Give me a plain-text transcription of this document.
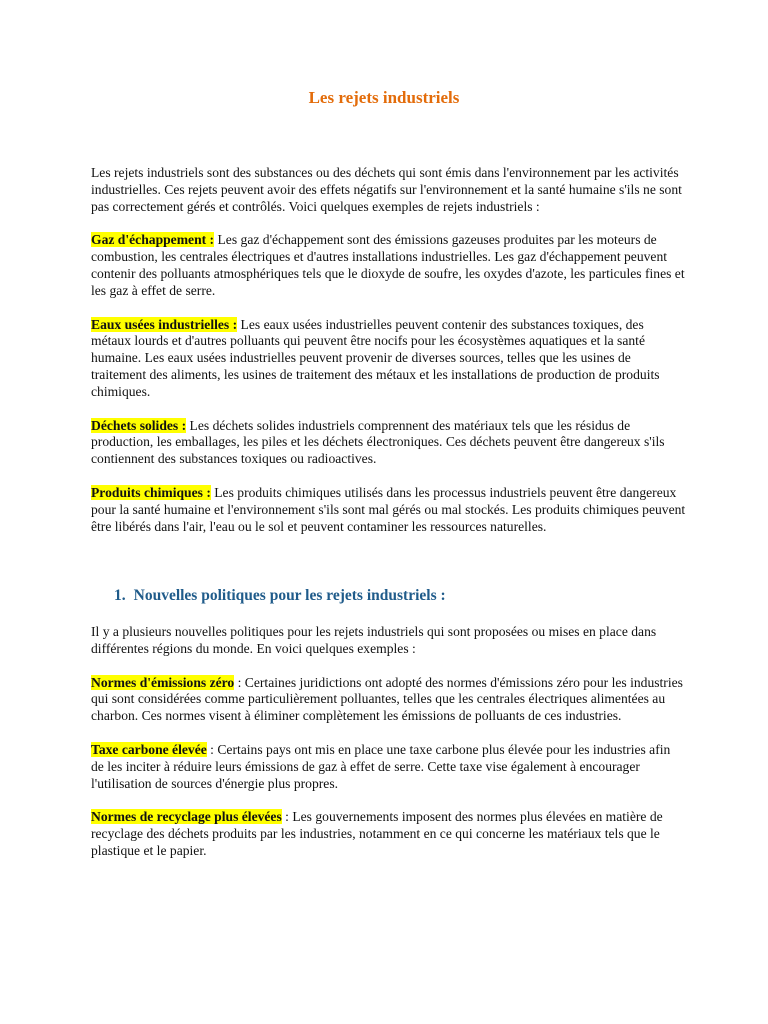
Les rejets industriels

Les rejets industriels sont des substances ou des déchets qui sont émis dans l'environnement par les activités industrielles. Ces rejets peuvent avoir des effets négatifs sur l'environnement et la santé humaine s'ils ne sont pas correctement gérés et contrôlés. Voici quelques exemples de rejets industriels :

Gaz d'échappement : Les gaz d'échappement sont des émissions gazeuses produites par les moteurs de combustion, les centrales électriques et d'autres installations industrielles. Les gaz d'échappement peuvent contenir des polluants atmosphériques tels que le dioxyde de soufre, les oxydes d'azote, les particules fines et les gaz à effet de serre.

Eaux usées industrielles : Les eaux usées industrielles peuvent contenir des substances toxiques, des métaux lourds et d'autres polluants qui peuvent être nocifs pour les écosystèmes aquatiques et la santé humaine. Les eaux usées industrielles peuvent provenir de diverses sources, telles que les usines de traitement des aliments, les usines de traitement des métaux et les installations de production de produits chimiques.

Déchets solides : Les déchets solides industriels comprennent des matériaux tels que les résidus de production, les emballages, les piles et les déchets électroniques. Ces déchets peuvent être dangereux s'ils contiennent des substances toxiques ou radioactives.

Produits chimiques : Les produits chimiques utilisés dans les processus industriels peuvent être dangereux pour la santé humaine et l'environnement s'ils sont mal gérés ou mal stockés. Les produits chimiques peuvent être libérés dans l'air, l'eau ou le sol et peuvent contaminer les ressources naturelles.

1. Nouvelles politiques pour les rejets industriels :

Il y a plusieurs nouvelles politiques pour les rejets industriels qui sont proposées ou mises en place dans différentes régions du monde. En voici quelques exemples :

Normes d'émissions zéro : Certaines juridictions ont adopté des normes d'émissions zéro pour les industries qui sont considérées comme particulièrement polluantes, telles que les centrales électriques alimentées au charbon. Ces normes visent à éliminer complètement les émissions de polluants de ces industries.

Taxe carbone élevée : Certains pays ont mis en place une taxe carbone plus élevée pour les industries afin de les inciter à réduire leurs émissions de gaz à effet de serre. Cette taxe vise également à encourager l'utilisation de sources d'énergie plus propres.

Normes de recyclage plus élevées : Les gouvernements imposent des normes plus élevées en matière de recyclage des déchets produits par les industries, notamment en ce qui concerne les matériaux tels que le plastique et le papier.
